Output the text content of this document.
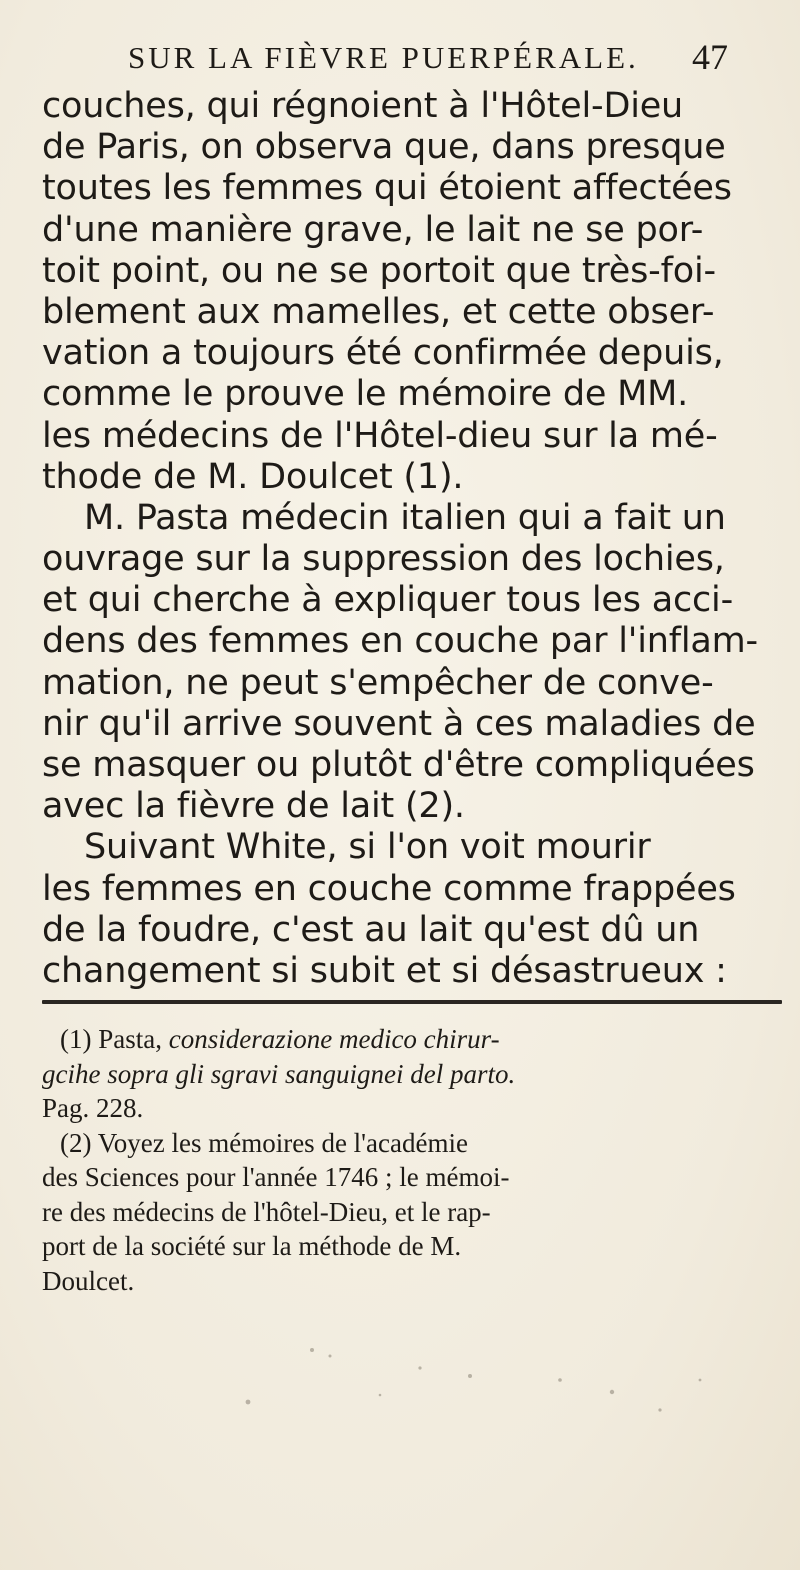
SUR LA FIÈVRE PUERPÉRALE. 47
couches, qui régnoient à l'Hôtel-Dieu
de Paris, on observa que, dans presque
toutes les femmes qui étoient affectées
d'une manière grave, le lait ne se por-
toit point, ou ne se portoit que très-foi-
blement aux mamelles, et cette obser-
vation a toujours été confirmée depuis,
comme le prouve le mémoire de MM.
les médecins de l'Hôtel-dieu sur la mé-
thode de M. Doulcet (1).
M. Pasta médecin italien qui a fait un
ouvrage sur la suppression des lochies,
et qui cherche à expliquer tous les acci-
dens des femmes en couche par l'inflam-
mation, ne peut s'empêcher de conve-
nir qu'il arrive souvent à ces maladies de
se masquer ou plutôt d'être compliquées
avec la fièvre de lait (2).
Suivant White, si l'on voit mourir
les femmes en couche comme frappées
de la foudre, c'est au lait qu'est dû un
changement si subit et si désastrueux :
(1) Pasta, considerazione medico chirur-
gcihe sopra gli sgravi sanguignei del parto.
Pag. 228.
(2) Voyez les mémoires de l'académie
des Sciences pour l'année 1746 ; le mémoi-
re des médecins de l'hôtel-Dieu, et le rap-
port de la société sur la méthode de M.
Doulcet.
